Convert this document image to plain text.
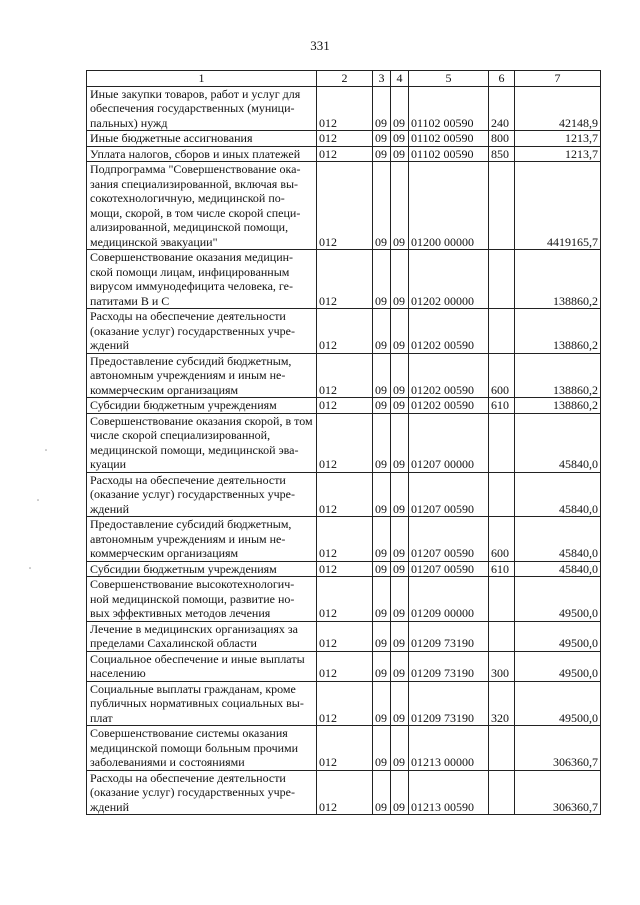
331
1	2	3	4	5	6	7
Иные закупки товаров, работ и услуг для обеспечения государственных (муници-пальных) нужд	012	09	09	01102 00590	240	42148,9
Иные бюджетные ассигнования	012	09	09	01102 00590	800	1213,7
Уплата налогов, сборов и иных платежей	012	09	09	01102 00590	850	1213,7
Подпрограмма "Совершенствование ока-зания специализированной, включая вы-сокотехнологичную, медицинской по-мощи, скорой, в том числе скорой специ-ализированной, медицинской помощи, медицинской эвакуации"	012	09	09	01200 00000		4419165,7
Совершенствование оказания медицин-ской помощи лицам, инфицированным вирусом иммунодефицита человека, ге-патитами В и С	012	09	09	01202 00000		138860,2
Расходы на обеспечение деятельности (оказание услуг) государственных учре-ждений	012	09	09	01202 00590		138860,2
Предоставление субсидий бюджетным, автономным учреждениям и иным не-коммерческим организациям	012	09	09	01202 00590	600	138860,2
Субсидии бюджетным учреждениям	012	09	09	01202 00590	610	138860,2
Совершенствование оказания скорой, в том числе скорой специализированной, медицинской помощи, медицинской эва-куации	012	09	09	01207 00000		45840,0
Расходы на обеспечение деятельности (оказание услуг) государственных учре-ждений	012	09	09	01207 00590		45840,0
Предоставление субсидий бюджетным, автономным учреждениям и иным не-коммерческим организациям	012	09	09	01207 00590	600	45840,0
Субсидии бюджетным учреждениям	012	09	09	01207 00590	610	45840,0
Совершенствование высокотехнологич-ной медицинской помощи, развитие но-вых эффективных методов лечения	012	09	09	01209 00000		49500,0
Лечение в медицинских организациях за пределами Сахалинской области	012	09	09	01209 73190		49500,0
Социальное обеспечение и иные выплаты населению	012	09	09	01209 73190	300	49500,0
Социальные выплаты гражданам, кроме публичных нормативных социальных вы-плат	012	09	09	01209 73190	320	49500,0
Совершенствование системы оказания медицинской помощи больным прочими заболеваниями и состояниями	012	09	09	01213 00000		306360,7
Расходы на обеспечение деятельности (оказание услуг) государственных учре-ждений	012	09	09	01213 00590		306360,7
